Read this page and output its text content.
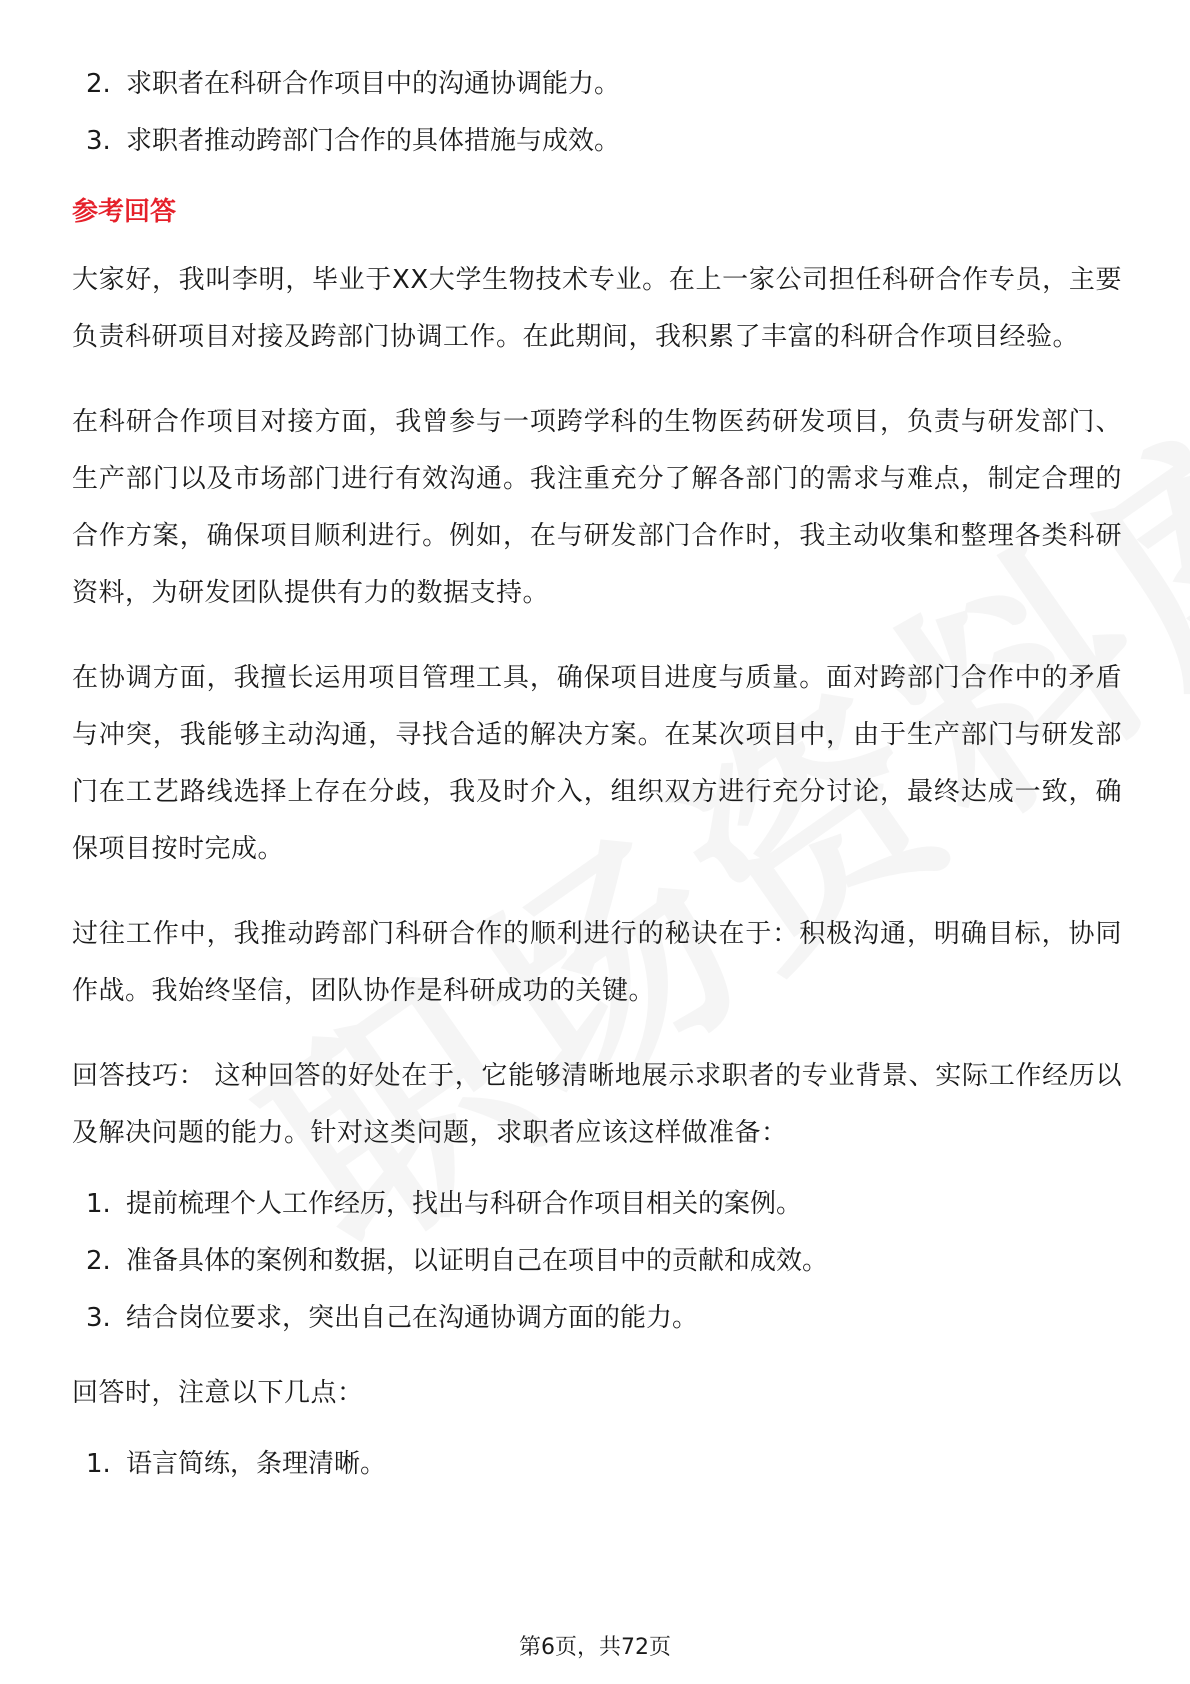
2. 求职者在科研合作项目中的沟通协调能力。
3. 求职者推动跨部门合作的具体措施与成效。
参考回答

大家好，我叫李明，毕业于XX大学生物技术专业。在上一家公司担任科研合作专员，主要负责科研项目对接及跨部门协调工作。在此期间，我积累了丰富的科研合作项目经验。

在科研合作项目对接方面，我曾参与一项跨学科的生物医药研发项目，负责与研发部门、生产部门以及市场部门进行有效沟通。我注重充分了解各部门的需求与难点，制定合理的合作方案，确保项目顺利进行。例如，在与研发部门合作时，我主动收集和整理各类科研资料，为研发团队提供有力的数据支持。

在协调方面，我擅长运用项目管理工具，确保项目进度与质量。面对跨部门合作中的矛盾与冲突，我能够主动沟通，寻找合适的解决方案。在某次项目中，由于生产部门与研发部门在工艺路线选择上存在分歧，我及时介入，组织双方进行充分讨论，最终达成一致，确保项目按时完成。

过往工作中，我推动跨部门科研合作的顺利进行的秘诀在于：积极沟通，明确目标，协同作战。我始终坚信，团队协作是科研成功的关键。

回答技巧： 这种回答的好处在于，它能够清晰地展示求职者的专业背景、实际工作经历以及解决问题的能力。针对这类问题，求职者应该这样做准备：

1. 提前梳理个人工作经历，找出与科研合作项目相关的案例。
2. 准备具体的案例和数据，以证明自己在项目中的贡献和成效。
3. 结合岗位要求，突出自己在沟通协调方面的能力。

回答时，注意以下几点：

1. 语言简练，条理清晰。
第6页，共72页
